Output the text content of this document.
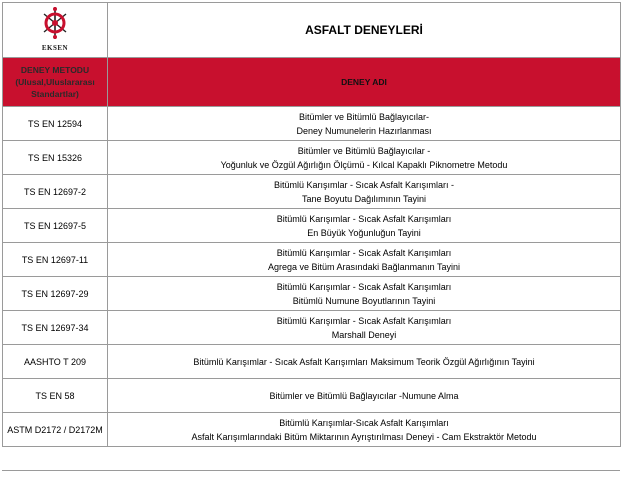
EKSEN	ASFALT DENEYLERİ

DENEY METODU
(Ulusal,Uluslararası
Standartlar)	DENEY ADI
TS EN 12594	Bitümler ve Bitümlü Bağlayıcılar-
Deney Numunelerin Hazırlanması

TS EN 15326	Bitümler ve Bitümlü Bağlayıcılar -
Yoğunluk ve Özgül Ağırlığın Ölçümü - Kılcal Kapaklı Piknometre Metodu

TS EN 12697-2	Bitümlü Karışımlar - Sıcak Asfalt Karışımları -
Tane Boyutu Dağılımının Tayini

TS EN 12697-5	Bitümlü Karışımlar - Sıcak Asfalt Karışımları
En Büyük Yoğunluğun Tayini

TS EN 12697-11	Bitümlü Karışımlar - Sıcak Asfalt Karışımları
Agrega ve Bitüm Arasındaki Bağlanmanın Tayini

TS EN 12697-29	Bitümlü Karışımlar - Sıcak Asfalt Karışımları
Bitümlü Numune Boyutlarının Tayini

TS EN 12697-34	Bitümlü Karışımlar - Sıcak Asfalt Karışımları
Marshall Deneyi

AASHTO T 209	Bitümlü Karışımlar - Sıcak Asfalt Karışımları Maksimum Teorik Özgül Ağırlığının Tayini

TS EN 58	Bitümler ve Bitümlü Bağlayıcılar -Numune Alma

ASTM D2172 / D2172M	Bitümlü Karışımlar-Sıcak Asfalt Karışımları
Asfalt Karışımlarındaki Bitüm Miktarının Ayrıştırılması Deneyi - Cam Ekstraktör Metodu
